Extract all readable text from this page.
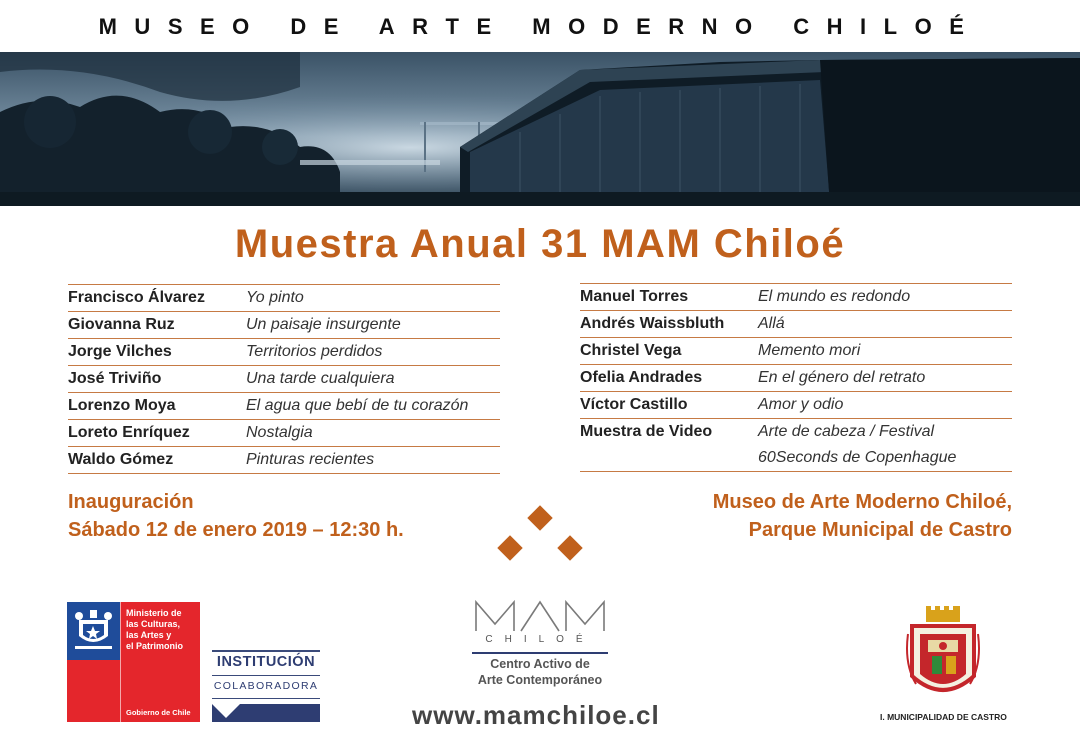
MUSEO DE ARTE MODERNO CHILOÉ
Muestra Anual 31 MAM Chiloé
Francisco Álvarez	Yo pinto
Giovanna Ruz	Un paisaje insurgente
Jorge Vilches	Territorios perdidos
José Triviño	Una tarde cualquiera
Lorenzo Moya	El agua que bebí de tu corazón
Loreto Enríquez	Nostalgia
Waldo Gómez	Pinturas recientes
Manuel Torres	El mundo es redondo
Andrés Waissbluth	Allá
Christel Vega	Memento mori
Ofelia Andrades	En el género del retrato
Víctor Castillo	Amor y odio
Muestra de Video	Arte de cabeza / Festival
	60Seconds de Copenhague
Inauguración
Sábado 12 de enero 2019 – 12:30 h.
Museo de Arte Moderno Chiloé,
Parque Municipal de Castro
Ministerio de
las Culturas,
las Artes y
el Patrimonio
Gobierno de Chile
INSTITUCIÓN
COLABORADORA
CHILOÉ
Centro Activo de
Arte Contemporáneo
www.mamchiloe.cl	I. MUNICIPALIDAD DE CASTRO
